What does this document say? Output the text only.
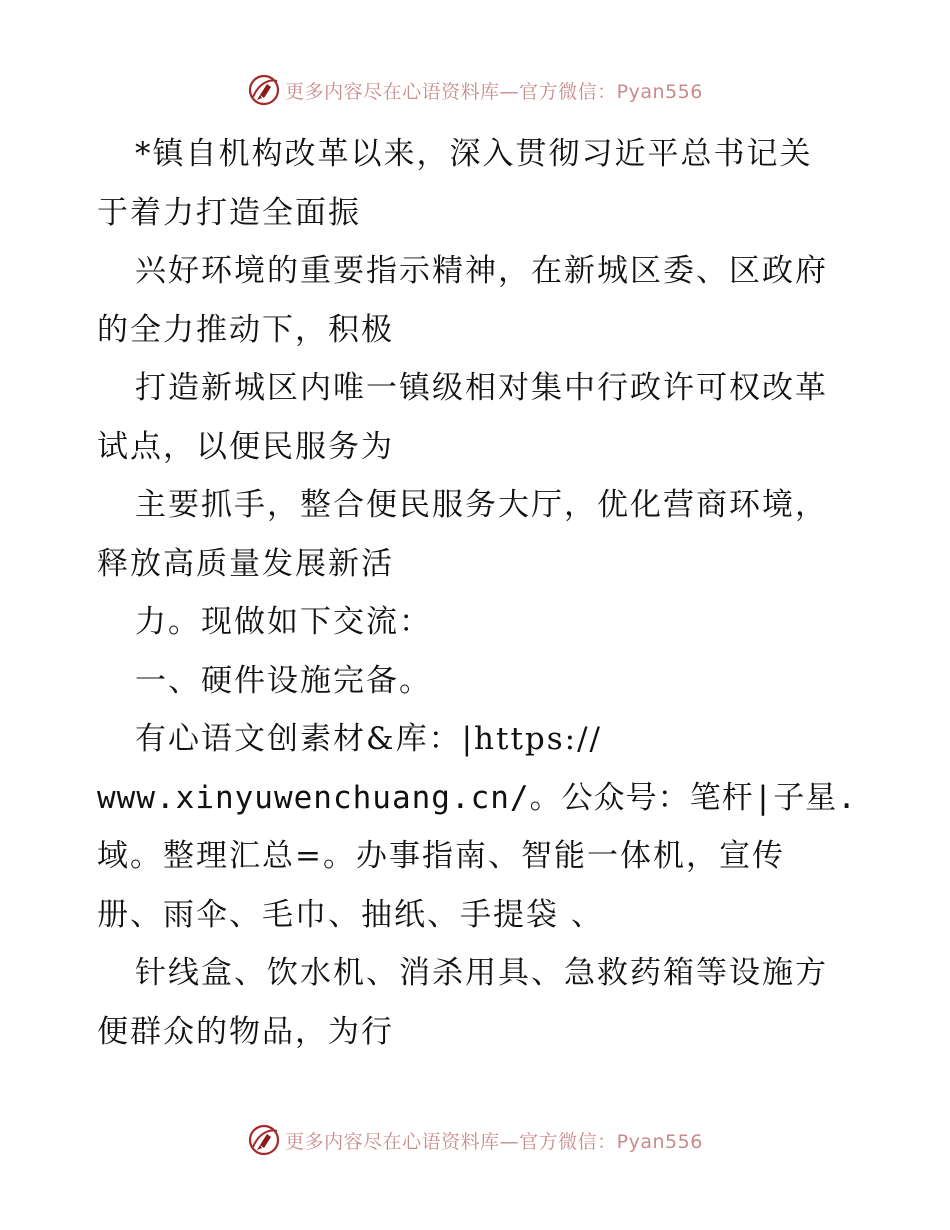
更多内容尽在心语资料库—官方微信：Pyan556
*镇自机构改革以来，深入贯彻习近平总书记关
于着力打造全面振
兴好环境的重要指示精神，在新城区委、区政府
的全力推动下，积极
打造新城区内唯一镇级相对集中行政许可权改革
试点，以便民服务为
主要抓手，整合便民服务大厅，优化营商环境，
释放高质量发展新活
力。现做如下交流：
一、硬件设施完备。
有心语文创素材&库：|https://
www.xinyuwenchuang.cn/。公众号：笔杆|子星.
域。整理汇总=。办事指南、智能一体机，宣传
册、雨伞、毛巾、抽纸、手提袋 、
针线盒、饮水机、消杀用具、急救药箱等设施方
便群众的物品，为行
更多内容尽在心语资料库—官方微信：Pyan556
